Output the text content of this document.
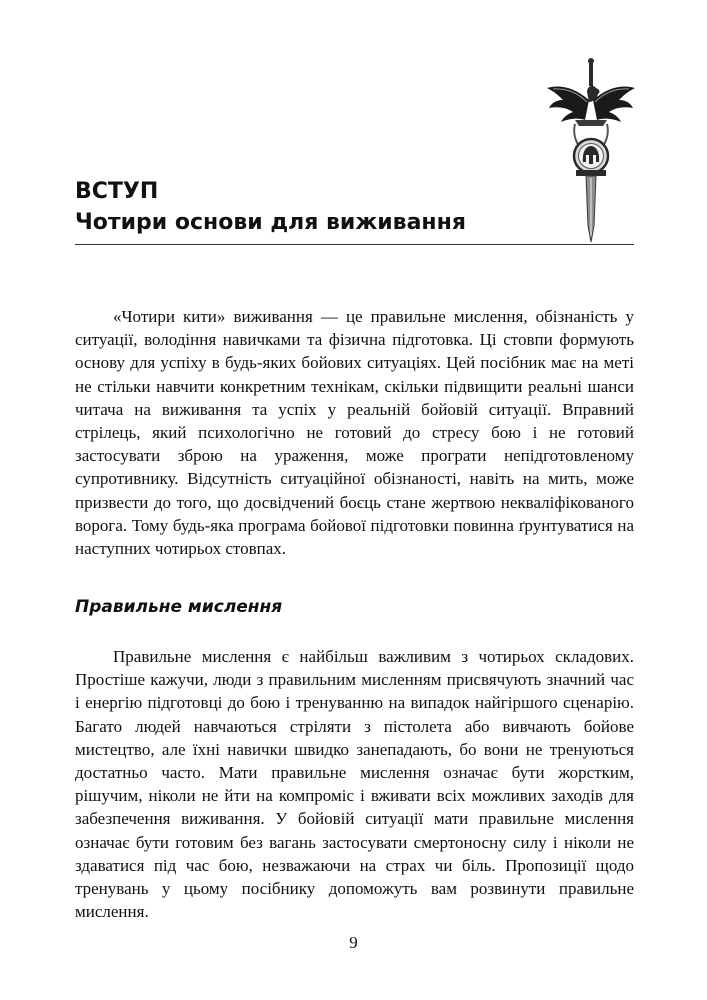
ВСТУП
Чотири основи для виживання

«Чотири кити» виживання — це правильне мислення, обізнаність у ситуації, володіння навичками та фізична підготовка. Ці стовпи формують основу для успіху в будь-яких бойових ситуаціях. Цей посібник має на меті не стільки навчити конкретним технікам, скільки підвищити реальні шанси читача на виживання та успіх у реальній бойовій ситуації. Вправний стрілець, який психологічно не готовий до стресу бою і не готовий застосувати зброю на ураження, може програти непідготовленому супротивнику. Відсутність ситуаційної обізнаності, навіть на мить, може призвести до того, що досвідчений боєць стане жертвою некваліфікованого ворога. Тому будь-яка програма бойової підготовки повинна ґрунтуватися на наступних чотирьох стовпах.

Правильне мислення

Правильне мислення є найбільш важливим з чотирьох складових. Простіше кажучи, люди з правильним мисленням присвячують значний час і енергію підготовці до бою і тренуванню на випадок найгіршого сценарію. Багато людей навчаються стріляти з пістолета або вивчають бойове мистецтво, але їхні навички швидко занепадають, бо вони не тренуються достатньо часто. Мати правильне мислення означає бути жорстким, рішучим, ніколи не йти на компроміс і вживати всіх можливих заходів для забезпечення виживання. У бойовій ситуації мати правильне мислення означає бути готовим без вагань застосувати смертоносну силу і ніколи не здаватися під час бою, незважаючи на страх чи біль. Пропозиції щодо тренувань у цьому посібнику допоможуть вам розвинути правильне мислення.

9
